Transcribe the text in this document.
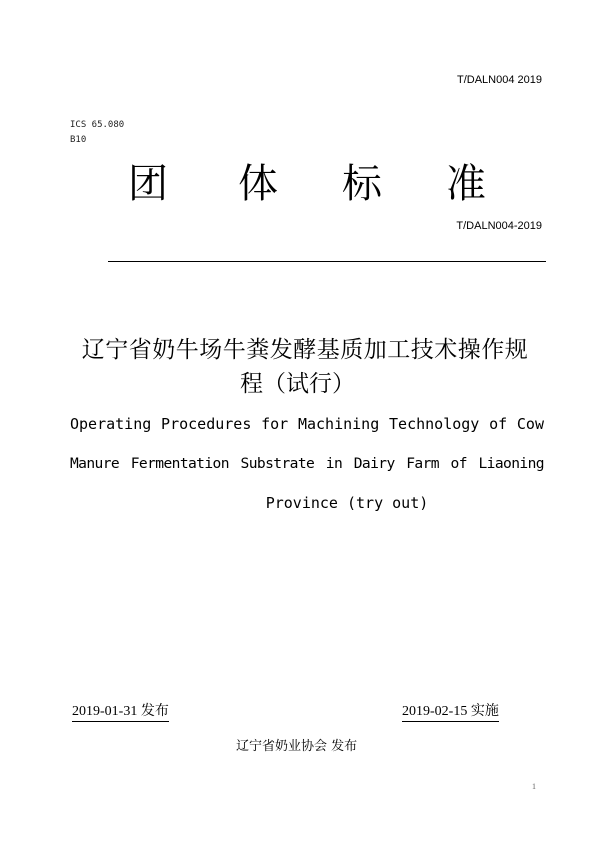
T/DALN004 2019
ICS 65.080
B10
团 体 标 准
T/DALN004-2019
辽宁省奶牛场牛粪发酵基质加工技术操作规
程（试行）
Operating Procedures for Machining Technology of Cow
Manure Fermentation Substrate in Dairy Farm of Liaoning
Province (try out)
2019-01-31 发布	2019-02-15 实施
辽宁省奶业协会 发布
1
